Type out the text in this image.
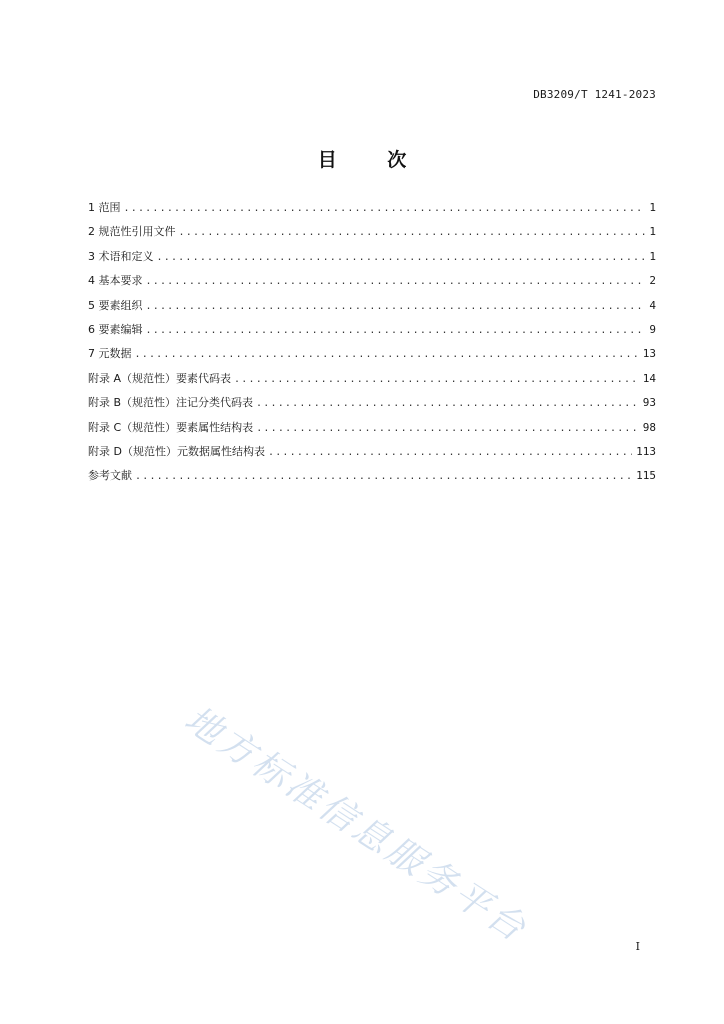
DB3209/T 1241-2023
目 次
1 范围 .....	1
2 规范性引用文件 .....	1
3 术语和定义 .....	1
4 基本要求 .....	2
5 要素组织 .....	4
6 要素编辑 .....	9
7 元数据 .....	13
附录 A（规范性）要素代码表 .....	14
附录 B（规范性）注记分类代码表 .....	93
附录 C（规范性）要素属性结构表 .....	98
附录 D（规范性）元数据属性结构表 .....	113
参考文献 .....	115
地方标准信息服务平台	I
